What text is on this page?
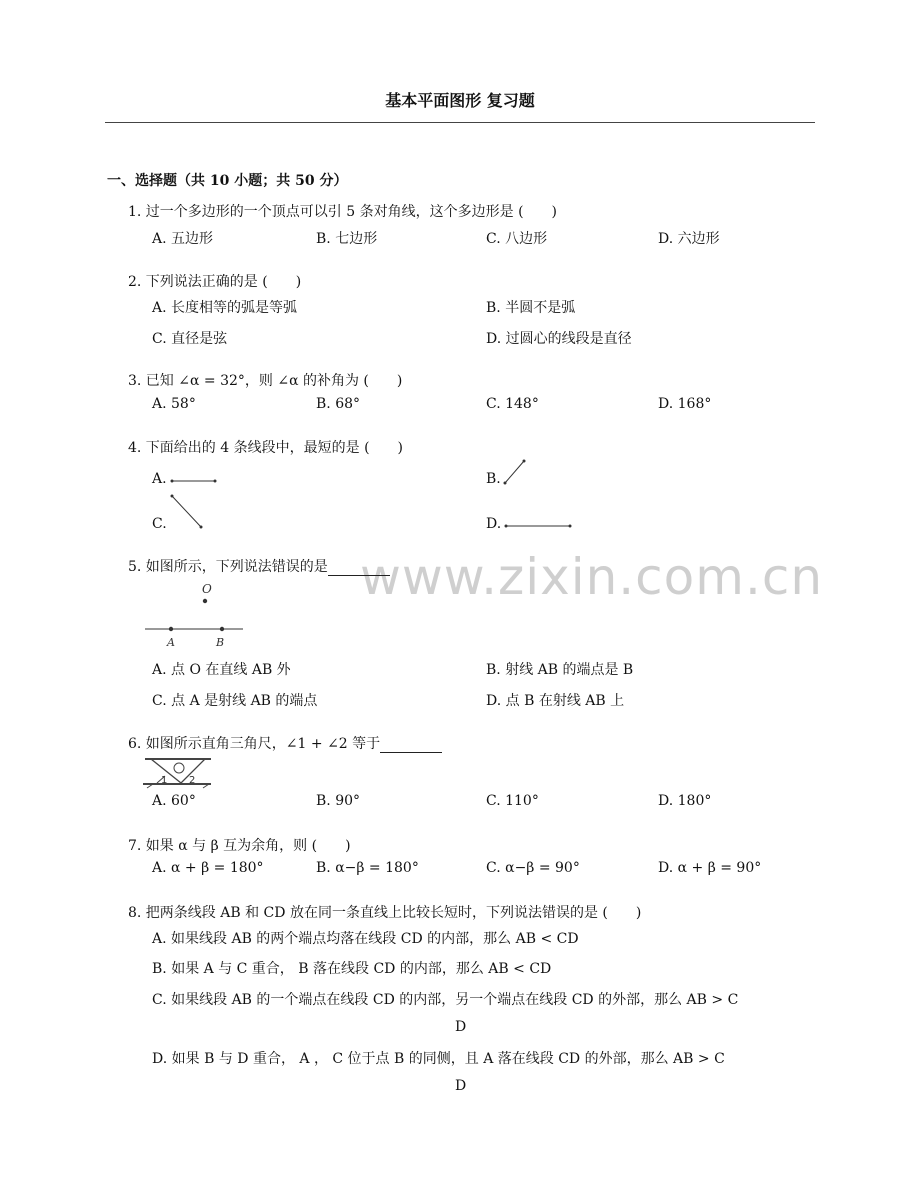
基本平面图形 复习题
一、选择题（共 10 小题；共 50 分）
www.zixin.com.cn
1. 过一个多边形的一个顶点可以引 5 条对角线，这个多边形是 (　　)
A. 五边形	B. 七边形	C. 八边形	D. 六边形
2. 下列说法正确的是 (　　)
A. 长度相等的弧是等弧	B. 半圆不是弧
C. 直径是弦	D. 过圆心的线段是直径
3. 已知 ∠α = 32°，则 ∠α 的补角为 (　　)
A. 58°	B. 68°	C. 148°	D. 168°
4. 下面给出的 4 条线段中，最短的是 (　　)
A.	B.
C.	D.
5. 如图所示，下列说法错误的是
O
A	B
A. 点 O 在直线 AB 外	B. 射线 AB 的端点是 B
C. 点 A 是射线 AB 的端点	D. 点 B 在射线 AB 上
6. 如图所示直角三角尺，∠1 + ∠2 等于
1 2
A. 60°	B. 90°	C. 110°	D. 180°
7. 如果 α 与 β 互为余角，则 (　　)
A. α + β = 180°	B. α−β = 180°	C. α−β = 90°	D. α + β = 90°
8. 把两条线段 AB 和 CD 放在同一条直线上比较长短时，下列说法错误的是 (　　)
A. 如果线段 AB 的两个端点均落在线段 CD 的内部，那么 AB < CD
B. 如果 A 与 C 重合， B 落在线段 CD 的内部，那么 AB < CD
C. 如果线段 AB 的一个端点在线段 CD 的内部，另一个端点在线段 CD 的外部，那么 AB > C
D
D. 如果 B 与 D 重合， A ， C 位于点 B 的同侧，且 A 落在线段 CD 的外部，那么 AB > C
D
